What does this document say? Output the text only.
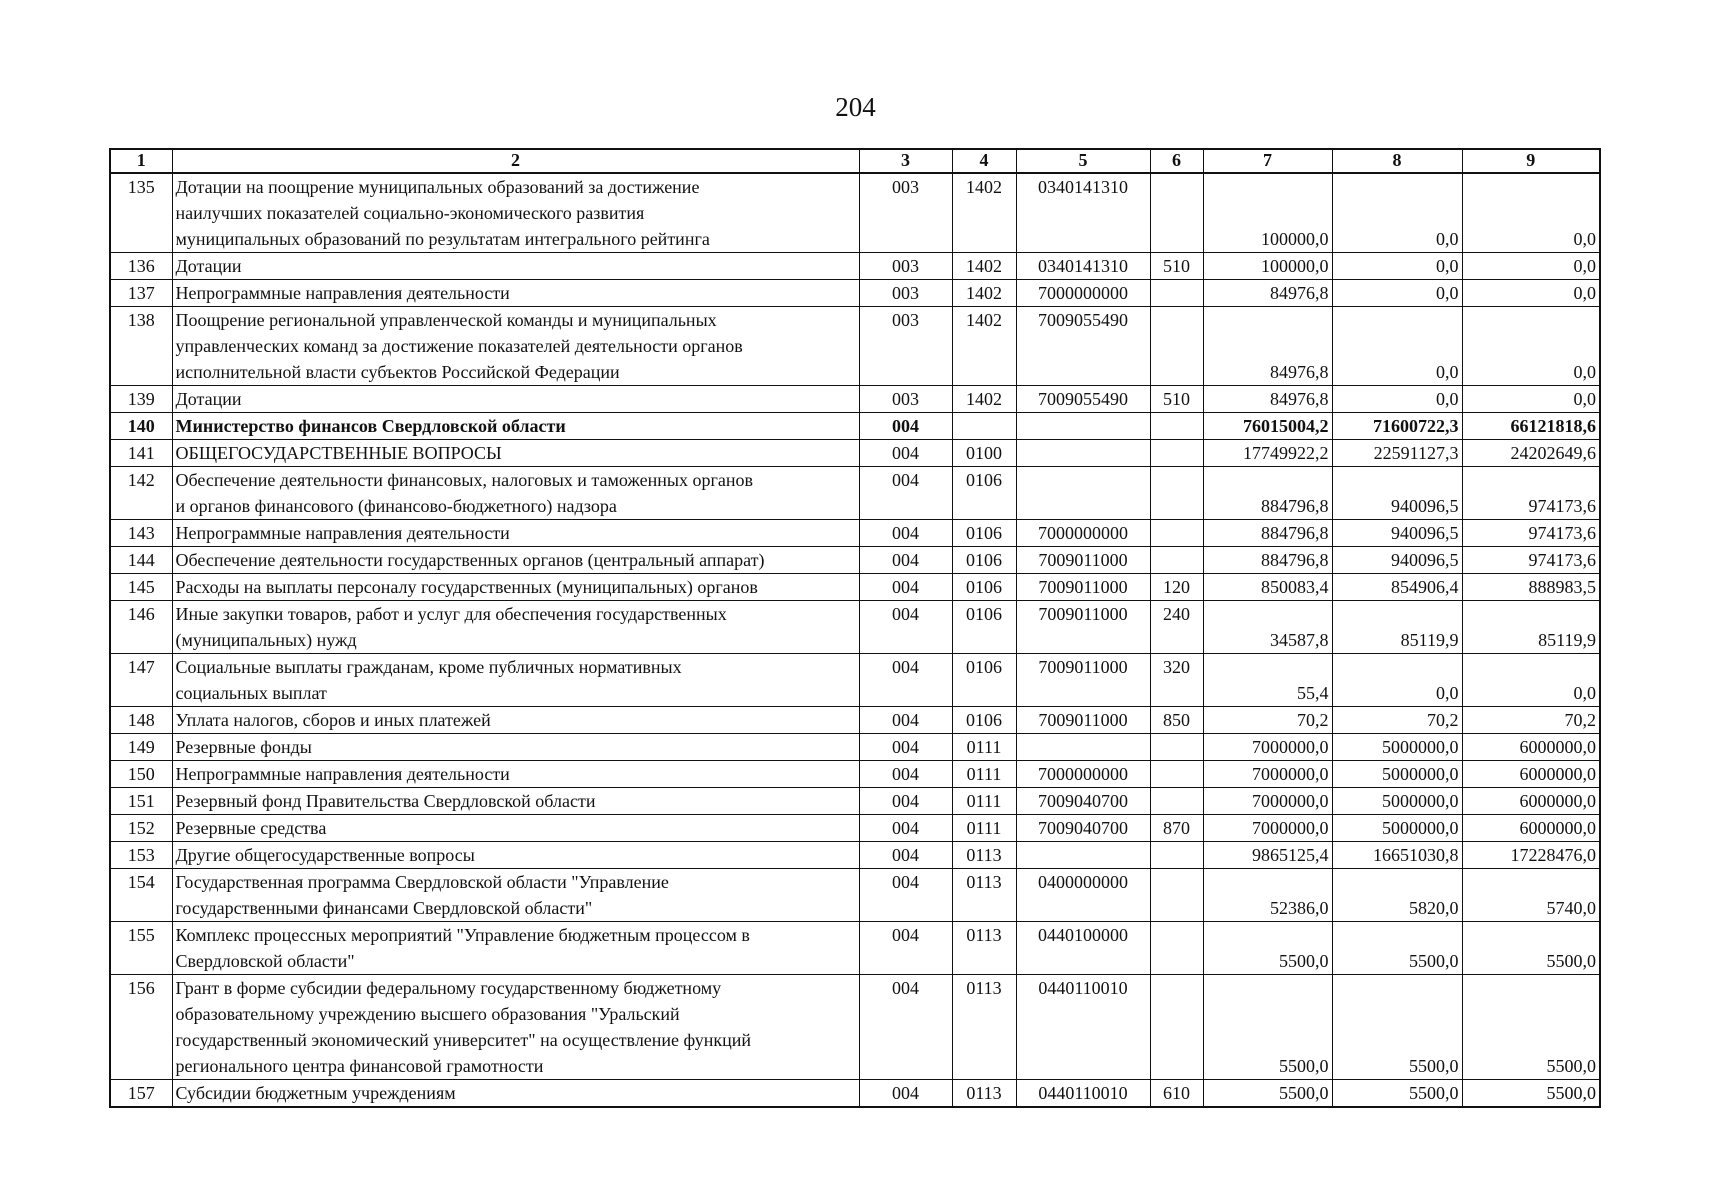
204
1	2	3	4	5	6	7	8	9
135	Дотации на поощрение муниципальных образований за достижение
наилучших показателей социально-экономического развития
муниципальных образований по результатам интегрального рейтинга	003	1402	0340141310		100000,0	0,0	0,0
136	Дотации	003	1402	0340141310	510	100000,0	0,0	0,0
137	Непрограммные направления деятельности	003	1402	7000000000		84976,8	0,0	0,0
138	Поощрение региональной управленческой команды и муниципальных
управленческих команд за достижение показателей деятельности органов
исполнительной власти субъектов Российской Федерации	003	1402	7009055490		84976,8	0,0	0,0
139	Дотации	003	1402	7009055490	510	84976,8	0,0	0,0
140	Министерство финансов Свердловской области	004				76015004,2	71600722,3	66121818,6
141	ОБЩЕГОСУДАРСТВЕННЫЕ ВОПРОСЫ	004	0100			17749922,2	22591127,3	24202649,6
142	Обеспечение деятельности финансовых, налоговых и таможенных органов
и органов финансового (финансово-бюджетного) надзора	004	0106			884796,8	940096,5	974173,6
143	Непрограммные направления деятельности	004	0106	7000000000		884796,8	940096,5	974173,6
144	Обеспечение деятельности государственных органов (центральный аппарат)	004	0106	7009011000		884796,8	940096,5	974173,6
145	Расходы на выплаты персоналу государственных (муниципальных) органов	004	0106	7009011000	120	850083,4	854906,4	888983,5
146	Иные закупки товаров, работ и услуг для обеспечения государственных
(муниципальных) нужд	004	0106	7009011000	240	34587,8	85119,9	85119,9
147	Социальные выплаты гражданам, кроме публичных нормативных
социальных выплат	004	0106	7009011000	320	55,4	0,0	0,0
148	Уплата налогов, сборов и иных платежей	004	0106	7009011000	850	70,2	70,2	70,2
149	Резервные фонды	004	0111			7000000,0	5000000,0	6000000,0
150	Непрограммные направления деятельности	004	0111	7000000000		7000000,0	5000000,0	6000000,0
151	Резервный фонд Правительства Свердловской области	004	0111	7009040700		7000000,0	5000000,0	6000000,0
152	Резервные средства	004	0111	7009040700	870	7000000,0	5000000,0	6000000,0
153	Другие общегосударственные вопросы	004	0113			9865125,4	16651030,8	17228476,0
154	Государственная программа Свердловской области "Управление
государственными финансами Свердловской области"	004	0113	0400000000		52386,0	5820,0	5740,0
155	Комплекс процессных мероприятий "Управление бюджетным процессом в
Свердловской области"	004	0113	0440100000		5500,0	5500,0	5500,0
156	Грант в форме субсидии федеральному государственному бюджетному
образовательному учреждению высшего образования "Уральский
государственный экономический университет" на осуществление функций
регионального центра финансовой грамотности	004	0113	0440110010		5500,0	5500,0	5500,0
157	Субсидии бюджетным учреждениям	004	0113	0440110010	610	5500,0	5500,0	5500,0
